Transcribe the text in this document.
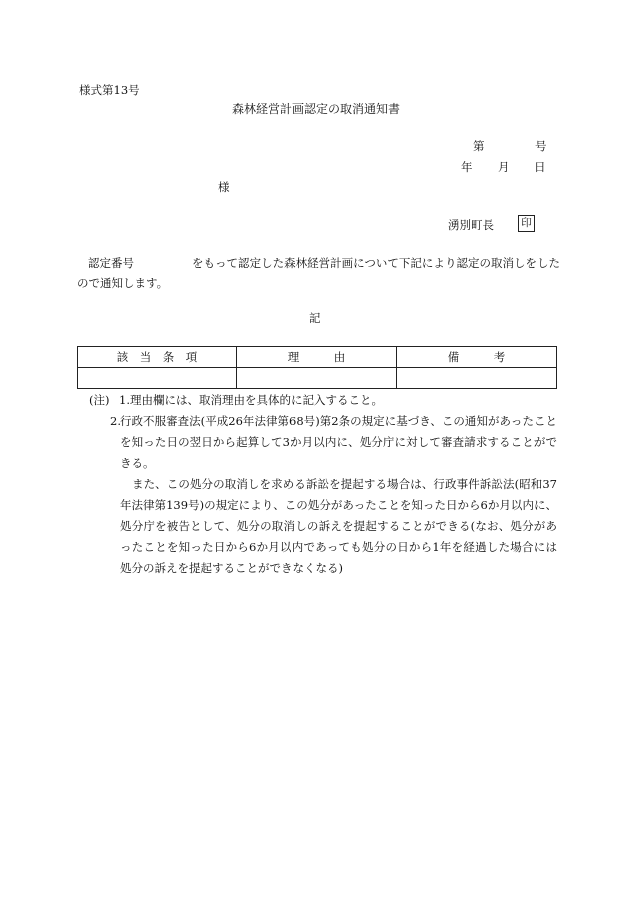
様式第13号
森林経営計画認定の取消通知書
第	号
年 月 日
様
湧別町長	印
認定番号	をもって認定した森林経営計画について下記により認定の取消しをしたので通知します。
記
該　当　条　項	理　　　由	備　　　考

(注) 1.理由欄には、取消理由を具体的に記入すること。
2. 行政不服審査法(平成26年法律第68号)第2条の規定に基づき、この通知があったことを知った日の翌日から起算して3か月以内に、処分庁に対して審査請求することができる。
また、この処分の取消しを求める訴訟を提起する場合は、行政事件訴訟法(昭和37年法律第139号)の規定により、この処分があったことを知った日から6か月以内に、処分庁を被告として、処分の取消しの訴えを提起することができる(なお、処分があったことを知った日から6か月以内であっても処分の日から1年を経過した場合には処分の訴えを提起することができなくなる)
